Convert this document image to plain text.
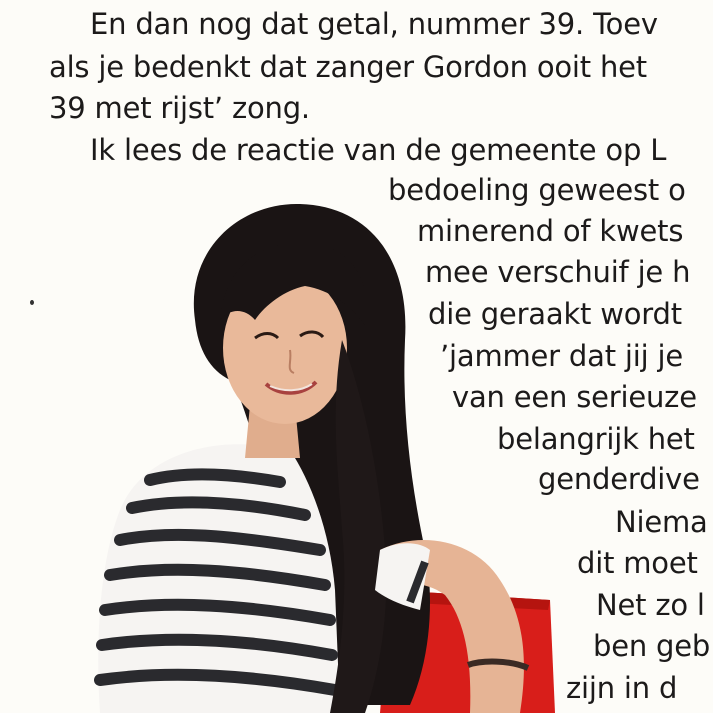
En dan nog dat getal, nummer 39. Toev
als je bedenkt dat zanger Gordon ooit het
39 met rijst’ zong.
Ik lees de reactie van de gemeente op L
bedoeling geweest o
minerend of kwets
mee verschuif je h
die geraakt wordt
’jammer dat jij je
van een serieuze
belangrijk het
genderdive
Niema
dit moet
Net zo l
ben geb
zijn in d
